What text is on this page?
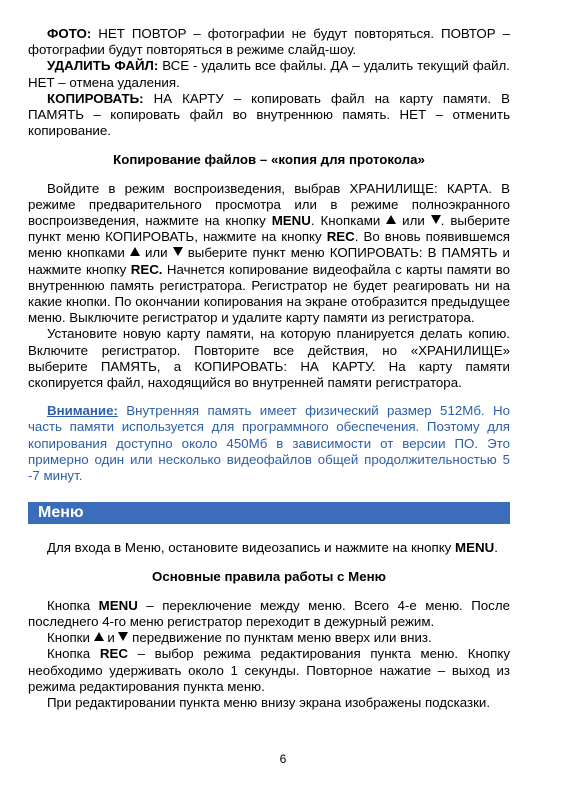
ФОТО: НЕТ ПОВТОР – фотографии не будут повторяться. ПОВТОР – фотографии будут повторяться в режиме слайд-шоу.

УДАЛИТЬ ФАЙЛ: ВСЕ - удалить все файлы. ДА – удалить текущий файл. НЕТ – отмена удаления.

КОПИРОВАТЬ: НА КАРТУ – копировать файл на карту памяти. В ПАМЯТЬ – копировать файл во внутреннюю память. НЕТ – отменить копирование.

Копирование файлов – «копия для протокола»

Войдите в режим воспроизведения, выбрав ХРАНИЛИЩЕ: КАРТА. В режиме предварительного просмотра или в режиме полноэкранного воспроизведения, нажмите на кнопку MENU. Кнопками  или . выберите пункт меню КОПИРОВАТЬ, нажмите на кнопку REC. Во вновь появившемся меню кнопками  или  выберите пункт меню КОПИРОВАТЬ: В ПАМЯТЬ и нажмите кнопку REC. Начнется копирование видеофайла с карты памяти во внутреннюю память регистратора. Регистратор не будет реагировать ни на какие кнопки. По окончании копирования на экране отобразится предыдущее меню. Выключите регистратор и удалите карту памяти из регистратора.

Установите новую карту памяти, на которую планируется делать копию. Включите регистратор. Повторите все действия, но «ХРАНИЛИЩЕ» выберите ПАМЯТЬ, а КОПИРОВАТЬ: НА КАРТУ. На карту памяти скопируется файл, находящийся во внутренней памяти регистратора.

Внимание: Внутренняя память имеет физический размер 512Мб. Но часть памяти используется для программного обеспечения. Поэтому для копирования доступно около 450Мб в зависимости от версии ПО. Это примерно один или несколько видеофайлов общей продолжительностью 5 -7 минут.

Меню

Для входа в Меню, остановите видеозапись и нажмите на кнопку MENU.

Основные правила работы с Меню

Кнопка MENU – переключение между меню. Всего 4-е меню. После последнего 4-го меню регистратор переходит в дежурный режим.

Кнопки  и  передвижение по пунктам меню вверх или вниз.

Кнопка REC – выбор режима редактирования пункта меню. Кнопку необходимо удерживать около 1 секунды. Повторное нажатие – выход из режима редактирования пункта меню.

При редактировании пункта меню внизу экрана изображены подсказки.

6
